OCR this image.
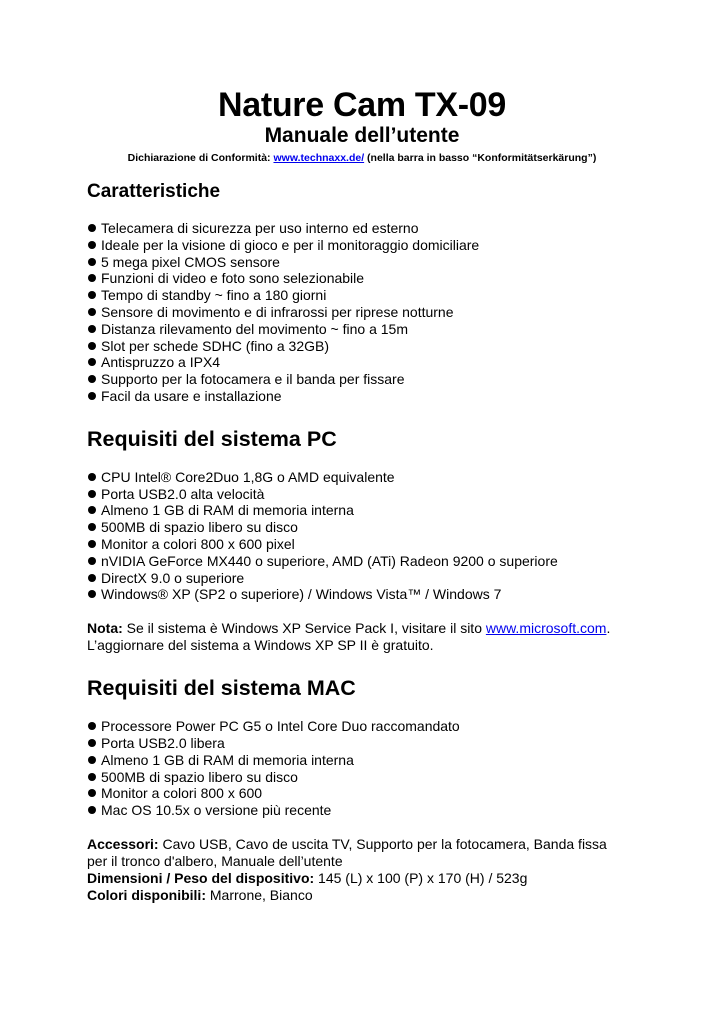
Nature Cam TX-09
Manuale dell’utente
Dichiarazione di Conformità: www.technaxx.de/ (nella barra in basso “Konformitätserkärung”)
Caratteristiche
Telecamera di sicurezza per uso interno ed esterno
Ideale per la visione di gioco e per il monitoraggio domiciliare
5 mega pixel CMOS sensore
Funzioni di video e foto sono selezionabile
Tempo di standby ~ fino a 180 giorni
Sensore di movimento e di infrarossi per riprese notturne
Distanza rilevamento del movimento ~ fino a 15m
Slot per schede SDHC (fino a 32GB)
Antispruzzo a IPX4
Supporto per la fotocamera e il banda per fissare
Facil da usare e installazione
Requisiti del sistema PC
CPU Intel® Core2Duo 1,8G o AMD equivalente
Porta USB2.0 alta velocità
Almeno 1 GB di RAM di memoria interna
500MB di spazio libero su disco
Monitor a colori 800 x 600 pixel
nVIDIA GeForce MX440 o superiore, AMD (ATi) Radeon 9200 o superiore
DirectX 9.0 o superiore
Windows® XP (SP2 o superiore) / Windows Vista™ / Windows 7

Nota: Se il sistema è Windows XP Service Pack I, visitare il sito www.microsoft.com.

L’aggiornare del sistema a Windows XP SP II è gratuito.

Requisiti del sistema MAC
Processore Power PC G5 o Intel Core Duo raccomandato
Porta USB2.0 libera
Almeno 1 GB di RAM di memoria interna
500MB di spazio libero su disco
Monitor a colori 800 x 600
Mac OS 10.5x o versione più recente

Accessori: Cavo USB, Cavo de uscita TV, Supporto per la fotocamera, Banda fissa

per il tronco d'albero, Manuale dell’utente

Dimensioni / Peso del dispositivo: 145 (L) x 100 (P) x 170 (H) / 523g

Colori disponibili: Marrone, Bianco
